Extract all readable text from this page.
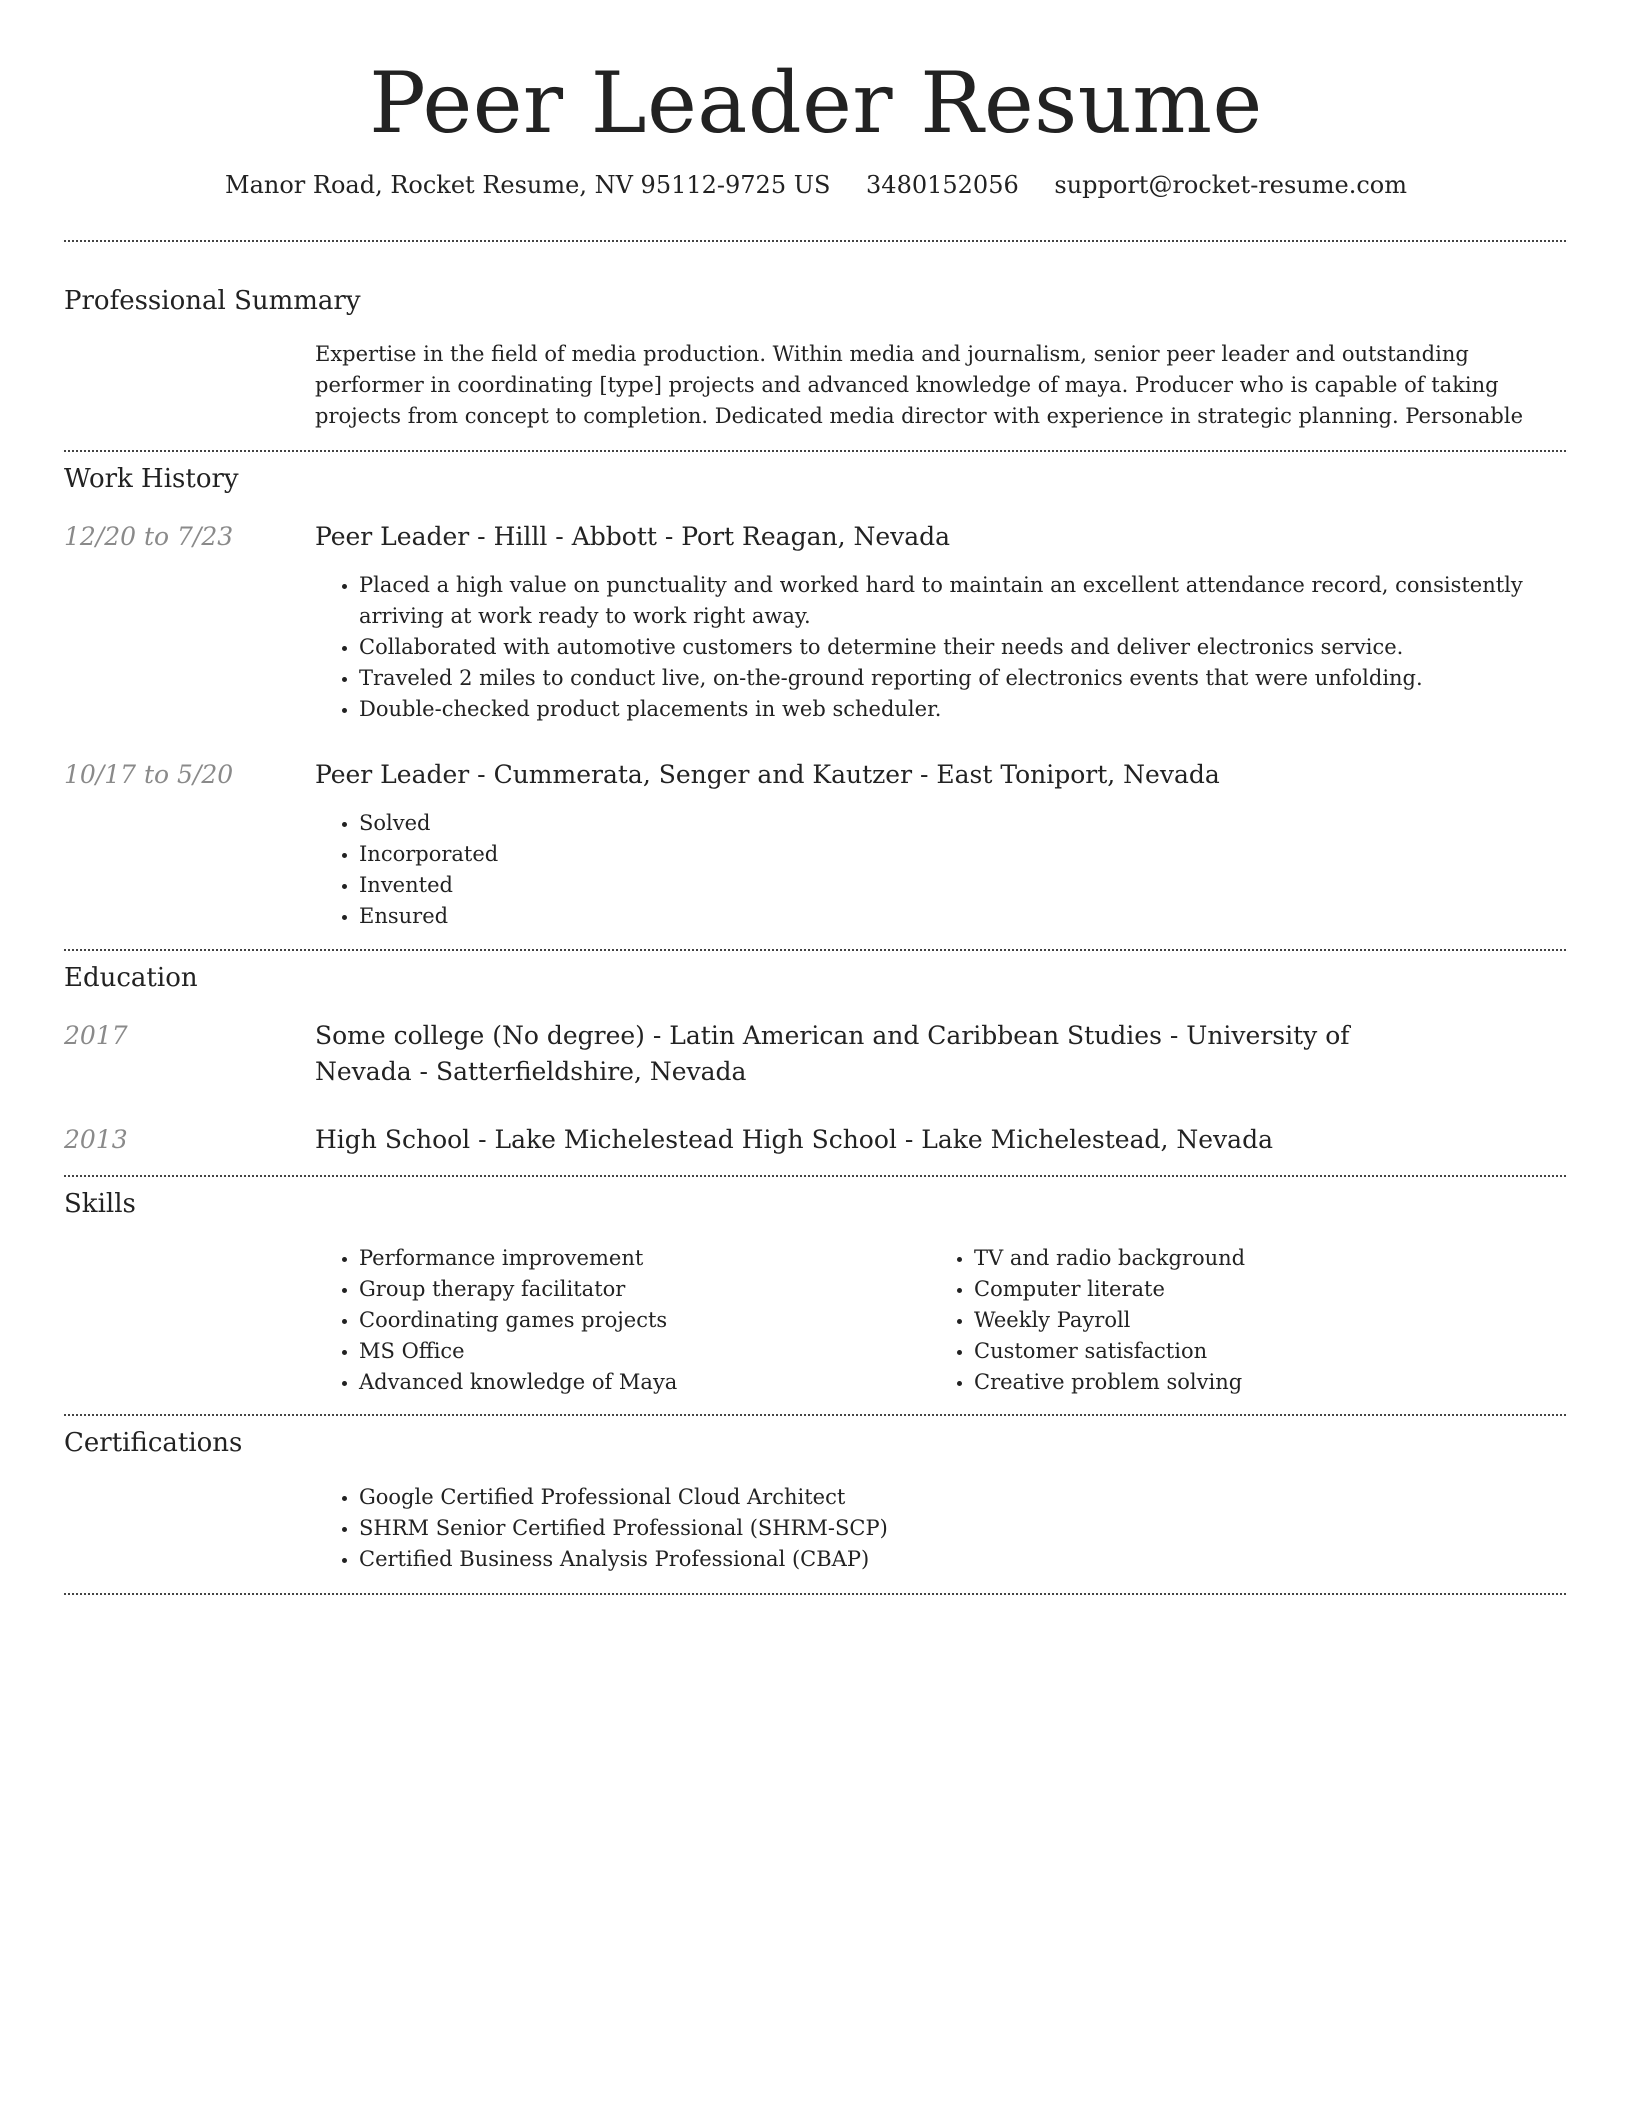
Peer Leader Resume
Manor Road, Rocket Resume, NV 95112-9725 US 3480152056 support@rocket-resume.com
Professional Summary
Expertise in the field of media production. Within media and journalism, senior peer leader and outstanding performer in coordinating [type] projects and advanced knowledge of maya. Producer who is capable of taking projects from concept to completion. Dedicated media director with experience in strategic planning. Personable
Work History
12/20 to 7/23	Peer Leader - Hilll - Abbott - Port Reagan, Nevada
• Placed a high value on punctuality and worked hard to maintain an excellent attendance record, consistently arriving at work ready to work right away.
• Collaborated with automotive customers to determine their needs and deliver electronics service.
• Traveled 2 miles to conduct live, on-the-ground reporting of electronics events that were unfolding.
• Double-checked product placements in web scheduler.
10/17 to 5/20	Peer Leader - Cummerata, Senger and Kautzer - East Toniport, Nevada
• Solved
• Incorporated
• Invented
• Ensured
Education
2017	Some college (No degree) - Latin American and Caribbean Studies - University of Nevada - Satterfieldshire, Nevada
2013	High School - Lake Michelestead High School - Lake Michelestead, Nevada
Skills
• Performance improvement
• Group therapy facilitator
• Coordinating games projects
• MS Office
• Advanced knowledge of Maya
• TV and radio background
• Computer literate
• Weekly Payroll
• Customer satisfaction
• Creative problem solving
Certifications
• Google Certified Professional Cloud Architect
• SHRM Senior Certified Professional (SHRM-SCP)
• Certified Business Analysis Professional (CBAP)
